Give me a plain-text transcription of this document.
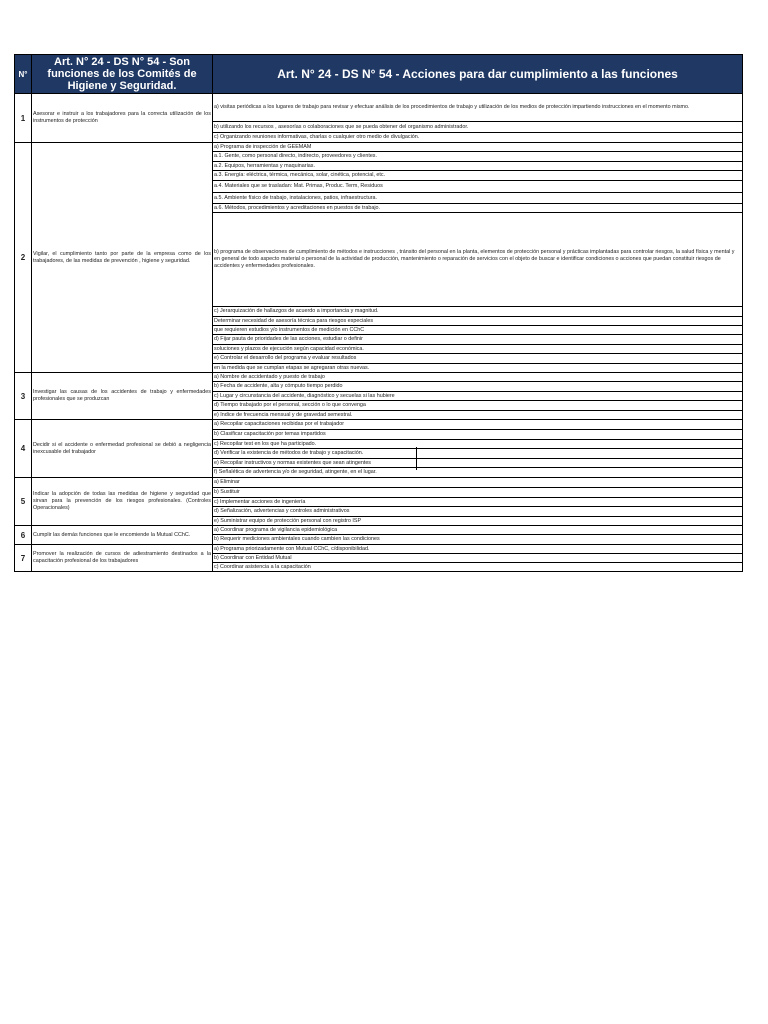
N°	Art. N° 24 - DS N° 54 - Son funciones de los Comités de Higiene y Seguridad.	Art. N° 24 - DS N° 54 - Acciones para dar cumplimiento a las funciones
1	Asesorar e instruir a los trabajadores para la correcta utilización de los instrumentos de protección	a) visitas periódicas a los lugares de trabajo para revisar y efectuar análisis de los procedimientos de trabajo y utilización de los medios de protección impartiendo instrucciones en el momento mismo.
		b) utilizando los recursos , asesorías o colaboraciones que se pueda obtener del organismo administrador.
		c) Organizando reuniones informativas, charlas o cualquier otro medio de divulgación.
2	Vigilar, el cumplimiento tanto por parte de la empresa como de los trabajadores, de las medidas de prevención , higiene y seguridad.	a) Programa de inspección de GEEMAM
		a.1. Gente, como personal directo, indirecto, proveedores y clientes.
		a.2. Equipos, herramientas y maquinarias.
		a.3. Energía: eléctrica, térmica, mecánica, solar, cinética, potencial, etc.
		a.4. Materiales que se trasladan: Mat. Primas, Produc. Term, Residuos
		a.5. Ambiente físico de trabajo, instalaciones, patios, infraestructura.
		a.6. Métodos, procedimientos y acreditaciones en puestos de trabajo.
		b) programa de observaciones de cumplimiento de métodos e instrucciones , tránsito del personal en la planta, elementos de protección personal y prácticas implantadas para controlar riesgos, la salud física y mental y en general de todo aspecto material o personal de la actividad de producción, mantenimiento o reparación de servicios con el objeto de buscar e identificar condiciones o acciones que puedan constituir riesgos de accidentes y enfermedades profesionales.
		c) Jerarquización de hallazgos de acuerdo a importancia y magnitud.
		Determinar necesidad de asesoría técnica para riesgos especiales
		que requieren estudios y/o instrumentos de medición en CChC
		d) Fijar pauta de prioridades de las acciones, estudiar o definir
		soluciones y plazos de ejecución según capacidad económica.
		e) Controlar el desarrollo del programa y evaluar resultados
		en la medida que se cumplan etapas se agregaran otras nuevas.
3	Investigar las causas de los accidentes de trabajo y enfermedades profesionales que se produzcan	a) Nombre de accidentado y puesto de trabajo
		b) Fecha de accidente, alta y cómputo tiempo perdido
		c) Lugar y circunstancia del accidente, diagnóstico y secuelas si las hubiere
		d) Tiempo trabajado por el personal, sección o lo que convenga
		e) Indice de frecuencia mensual y de gravedad semestral.
4	Decidir si el accidente o enfermedad profesional se debió a negligencia inexcusable del trabajador	a) Recopilar capacitaciones recibidas por el trabajador
		b) Clasificar capacitación por temas impartidos
		c) Recopilar test en los que ha participado.
		d) Verificar la existencia de métodos de trabajo y capacitación.
		e) Recopilar instructivos y normas existentes que sean atingentes
		f) Señalética de advertencia y/o de seguridad, atingente, en el lugar.
5	Indicar la adopción de todas las medidas de higiene y seguridad que sirvan para la prevención de los riesgos profesionales. (Controles Operacionales)	a) Eliminar
		b) Sustituir
		c) Implementar acciones de ingeniería
		d) Señalización, advertencias y controles administrativos
		e) Suministrar equipo de protección personal con registro ISP
6	Cumplir las demás funciones que le encomiende la Mutual CChC.	a) Coordinar programa de vigilancia epidemiológica
		b) Requerir mediciones ambientales cuando cambien las condiciones
7	Promover la realización de cursos de adiestramiento destinados a la capacitación profesional de los trabajadores	a) Programa priorizadamente con Mutual CChC, c/disponibilidad.
		b) Coordinar con Entidad Mutual
		c) Coordinar asistencia a la capacitación
